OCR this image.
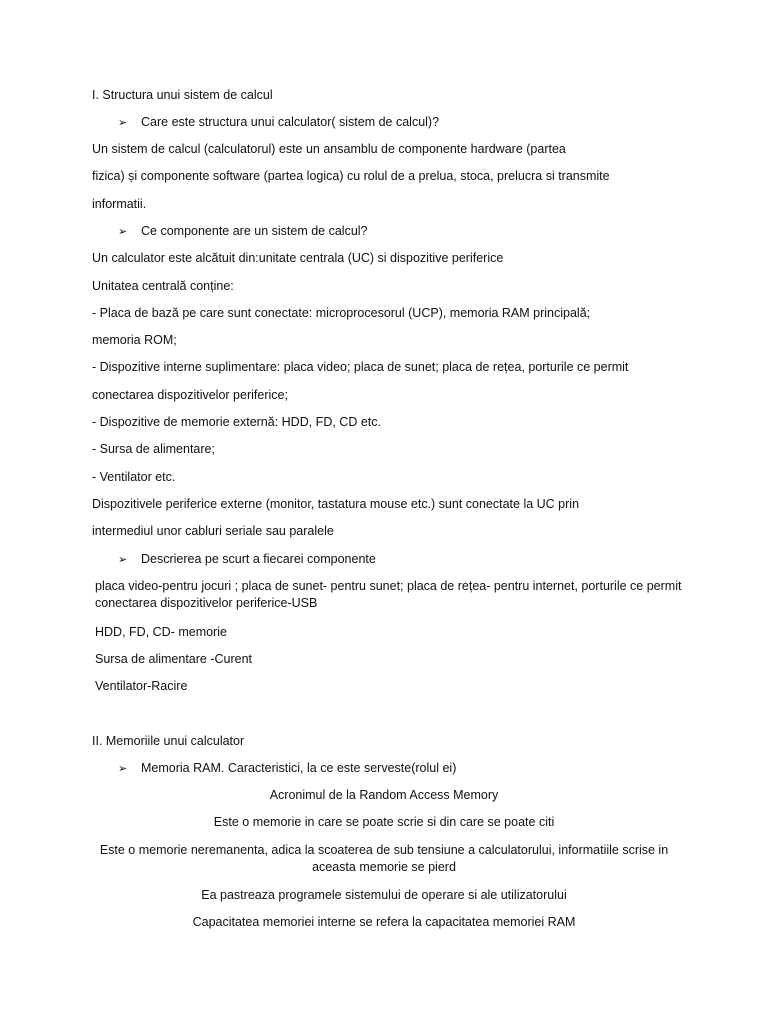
I. Structura unui sistem de calcul
➢ Care este structura unui calculator( sistem de calcul)?
Un sistem de calcul (calculatorul) este un ansamblu de componente hardware (partea
fizica) și componente software (partea logica) cu rolul de a prelua, stoca, prelucra si transmite
informatii.
➢ Ce componente are un sistem de calcul?
Un calculator este alcătuit din:unitate centrala (UC) si dispozitive periferice
Unitatea centrală conține:
- Placa de bază pe care sunt conectate: microprocesorul (UCP), memoria RAM principală;
memoria ROM;
- Dispozitive interne suplimentare: placa video; placa de sunet; placa de rețea, porturile ce permit
conectarea dispozitivelor periferice;
- Dispozitive de memorie externă: HDD, FD, CD etc.
- Sursa de alimentare;
- Ventilator etc.
Dispozitivele periferice externe (monitor, tastatura mouse etc.) sunt conectate la UC prin
intermediul unor cabluri seriale sau paralele
➢ Descrierea pe scurt a fiecarei componente
placa video-pentru jocuri ; placa de sunet- pentru sunet; placa de rețea- pentru internet, porturile ce permit conectarea dispozitivelor periferice-USB
HDD, FD, CD- memorie
Sursa de alimentare -Curent
Ventilator-Racire
II. Memoriile unui calculator
➢ Memoria RAM. Caracteristici, la ce este serveste(rolul ei)
Acronimul de la Random Access Memory
Este o memorie in care se poate scrie si din care se poate citi
Este o memorie neremanenta, adica la scoaterea de sub tensiune a calculatorului, informatiile scrise in aceasta memorie se pierd
Ea pastreaza programele sistemului de operare si ale utilizatorului
Capacitatea memoriei interne se refera la capacitatea memoriei RAM
